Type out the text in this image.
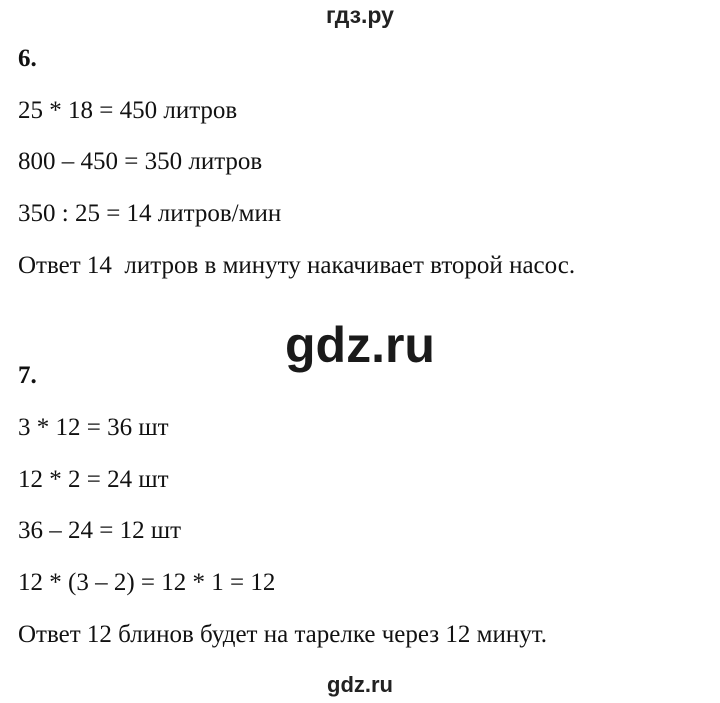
гдз.ру
6.
25 * 18 = 450 литров
800 – 450 = 350 литров
350 : 25 = 14 литров/мин
Ответ 14  литров в минуту накачивает второй насос.
gdz.ru
7.
3 * 12 = 36 шт
12 * 2 = 24 шт
36 – 24 = 12 шт
12 * (3 – 2) = 12 * 1 = 12
Ответ 12 блинов будет на тарелке через 12 минут.
gdz.ru
